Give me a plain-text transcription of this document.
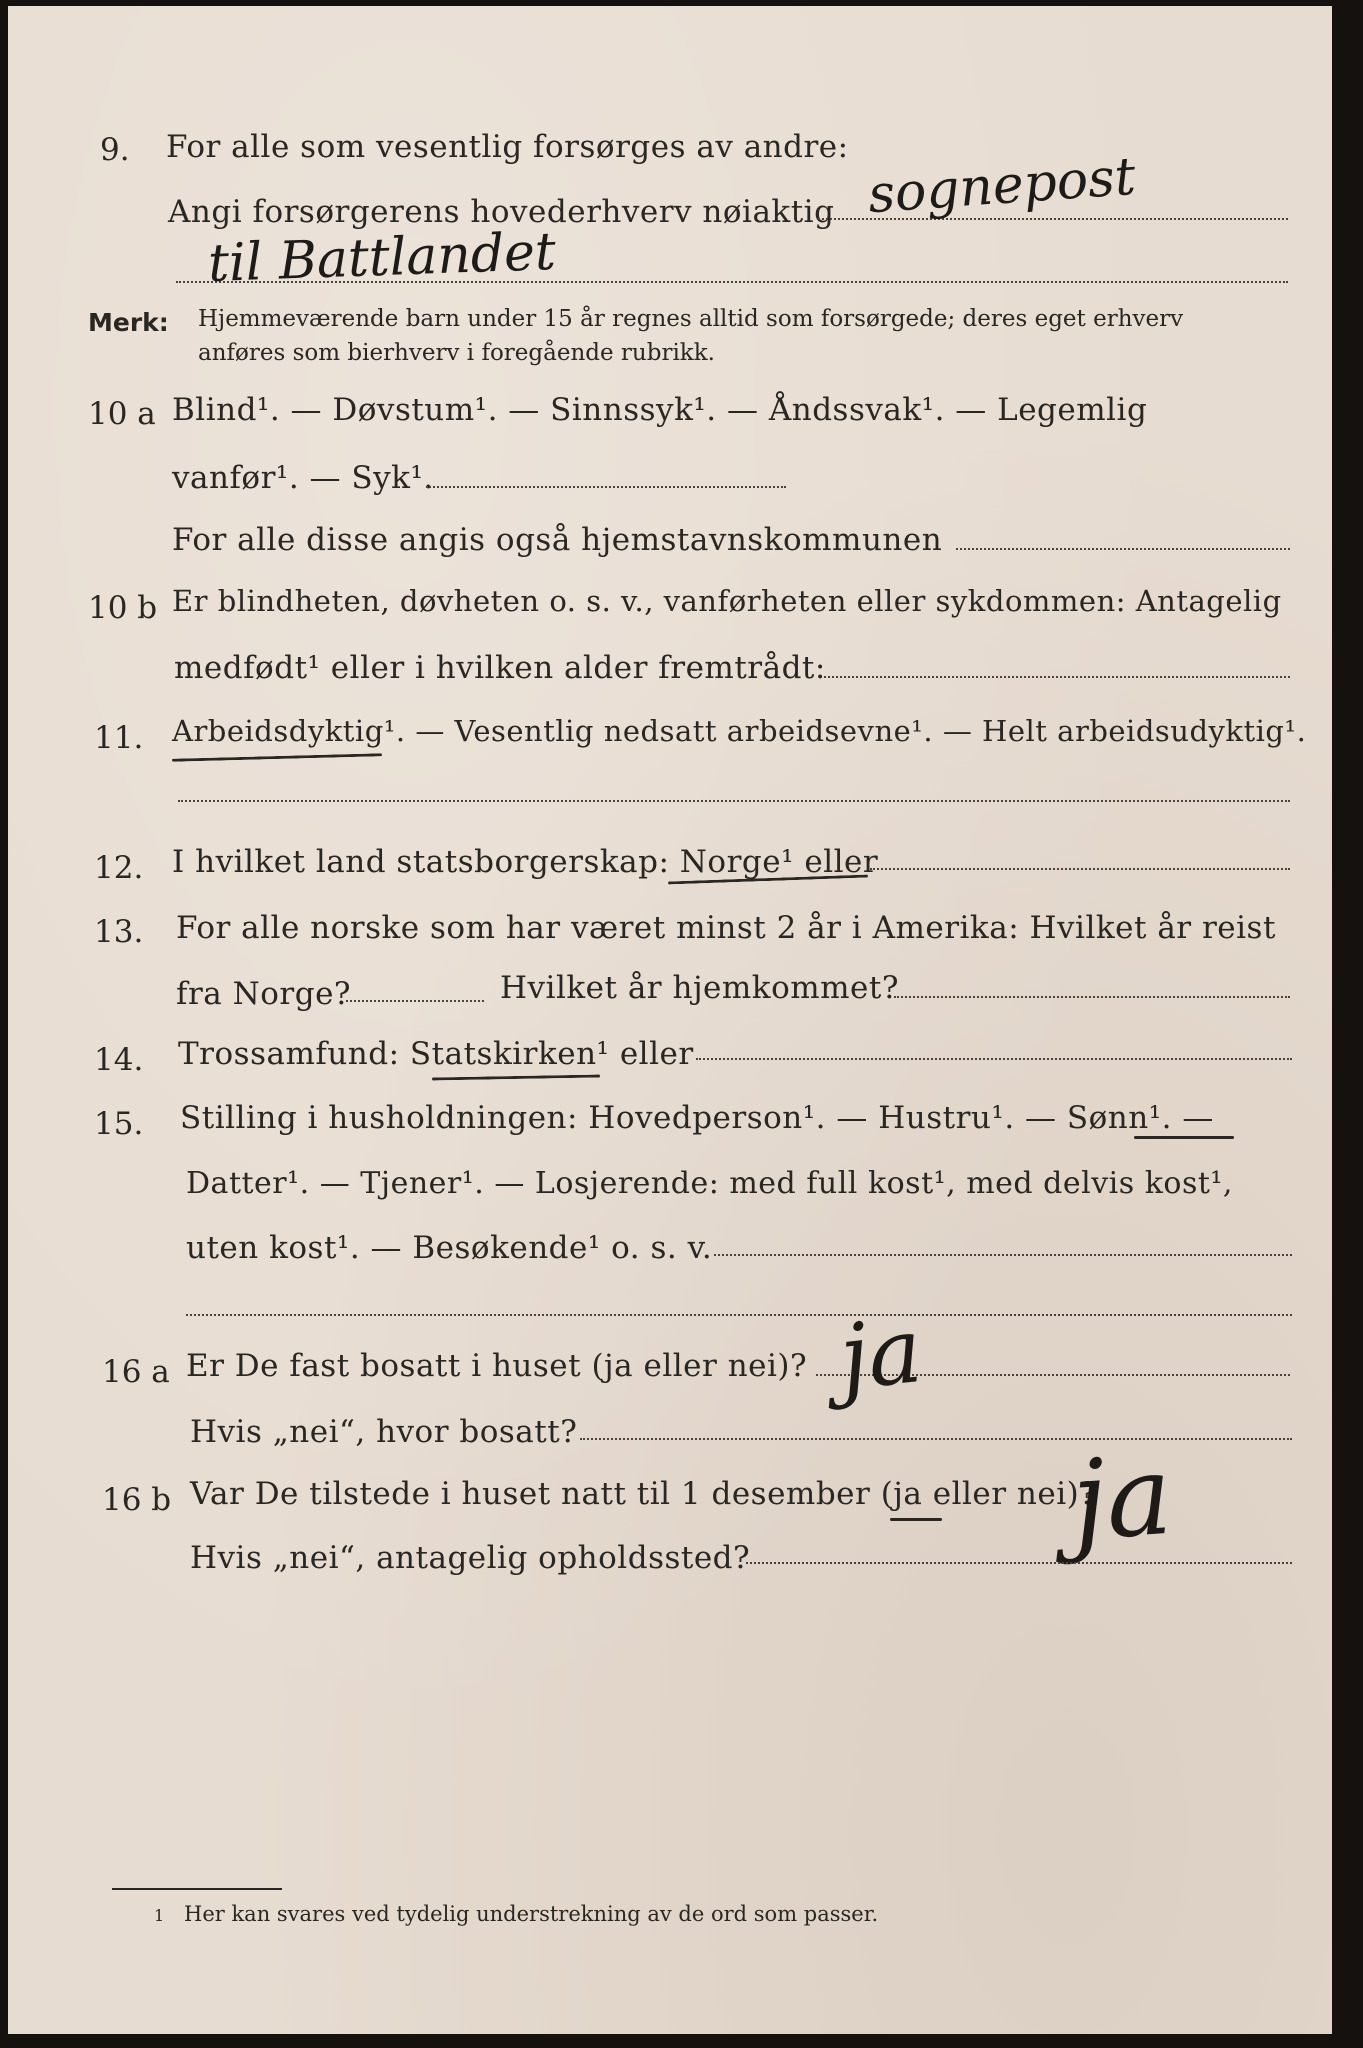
9. For alle som vesentlig forsørges av andre:
Angi forsørgerens hovederhverv nøiaktig sognepost
til Battlandet
Merk: Hjemmeværende barn under 15 år regnes alltid som forsørgede; deres eget erhverv
anføres som bierhverv i foregående rubrikk.
10 a Blind¹. — Døvstum¹. — Sinnssyk¹. — Åndssvak¹. — Legemlig
vanfør¹. — Syk¹.
For alle disse angis også hjemstavnskommunen
10 b Er blindheten, døvheten o. s. v., vanførheten eller sykdommen: Antagelig
medfødt¹ eller i hvilken alder fremtrådt:
11. Arbeidsdyktig¹. — Vesentlig nedsatt arbeidsevne¹. — Helt arbeidsudyktig¹.
12. I hvilket land statsborgerskap: Norge¹ eller
13. For alle norske som har været minst 2 år i Amerika: Hvilket år reist
fra Norge?	Hvilket år hjemkommet?
14. Trossamfund: Statskirken¹ eller
15. Stilling i husholdningen: Hovedperson¹. — Hustru¹. — Sønn¹. —
Datter¹. — Tjener¹. — Losjerende: med full kost¹, med delvis kost¹,
uten kost¹. — Besøkende¹ o. s. v.
16 a Er De fast bosatt i huset (ja eller nei)? ja
Hvis „nei“, hvor bosatt?
16 b Var De tilstede i huset natt til 1 desember (ja eller nei)?
ja
Hvis „nei“, antagelig opholdssted?
1 Her kan svares ved tydelig understrekning av de ord som passer.
